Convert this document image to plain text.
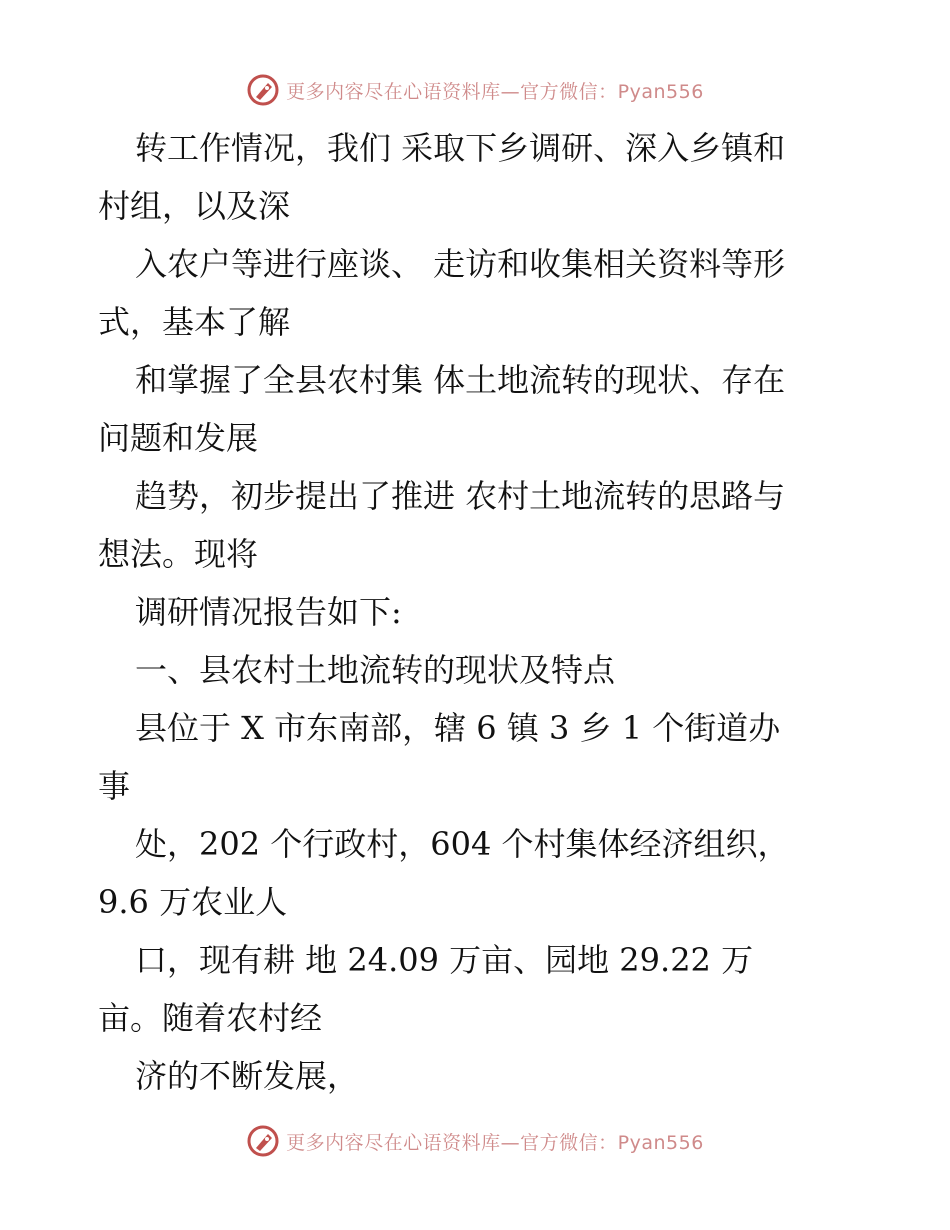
更多内容尽在心语资料库—官方微信：Pyan556
转工作情况，我们 采取下乡调研、深入乡镇和
村组，以及深
入农户等进行座谈、 走访和收集相关资料等形
式，基本了解
和掌握了全县农村集 体土地流转的现状、存在
问题和发展
趋势，初步提出了推进 农村土地流转的思路与
想法。现将
调研情况报告如下:
一、县农村土地流转的现状及特点
县位于 X 市东南部，辖 6 镇 3 乡 1 个街道办
事
处，202 个行政村，604 个村集体经济组织，
9.6 万农业人
口，现有耕 地 24.09 万亩、园地 29.22 万
亩。随着农村经
济的不断发展，
更多内容尽在心语资料库—官方微信：Pyan556
